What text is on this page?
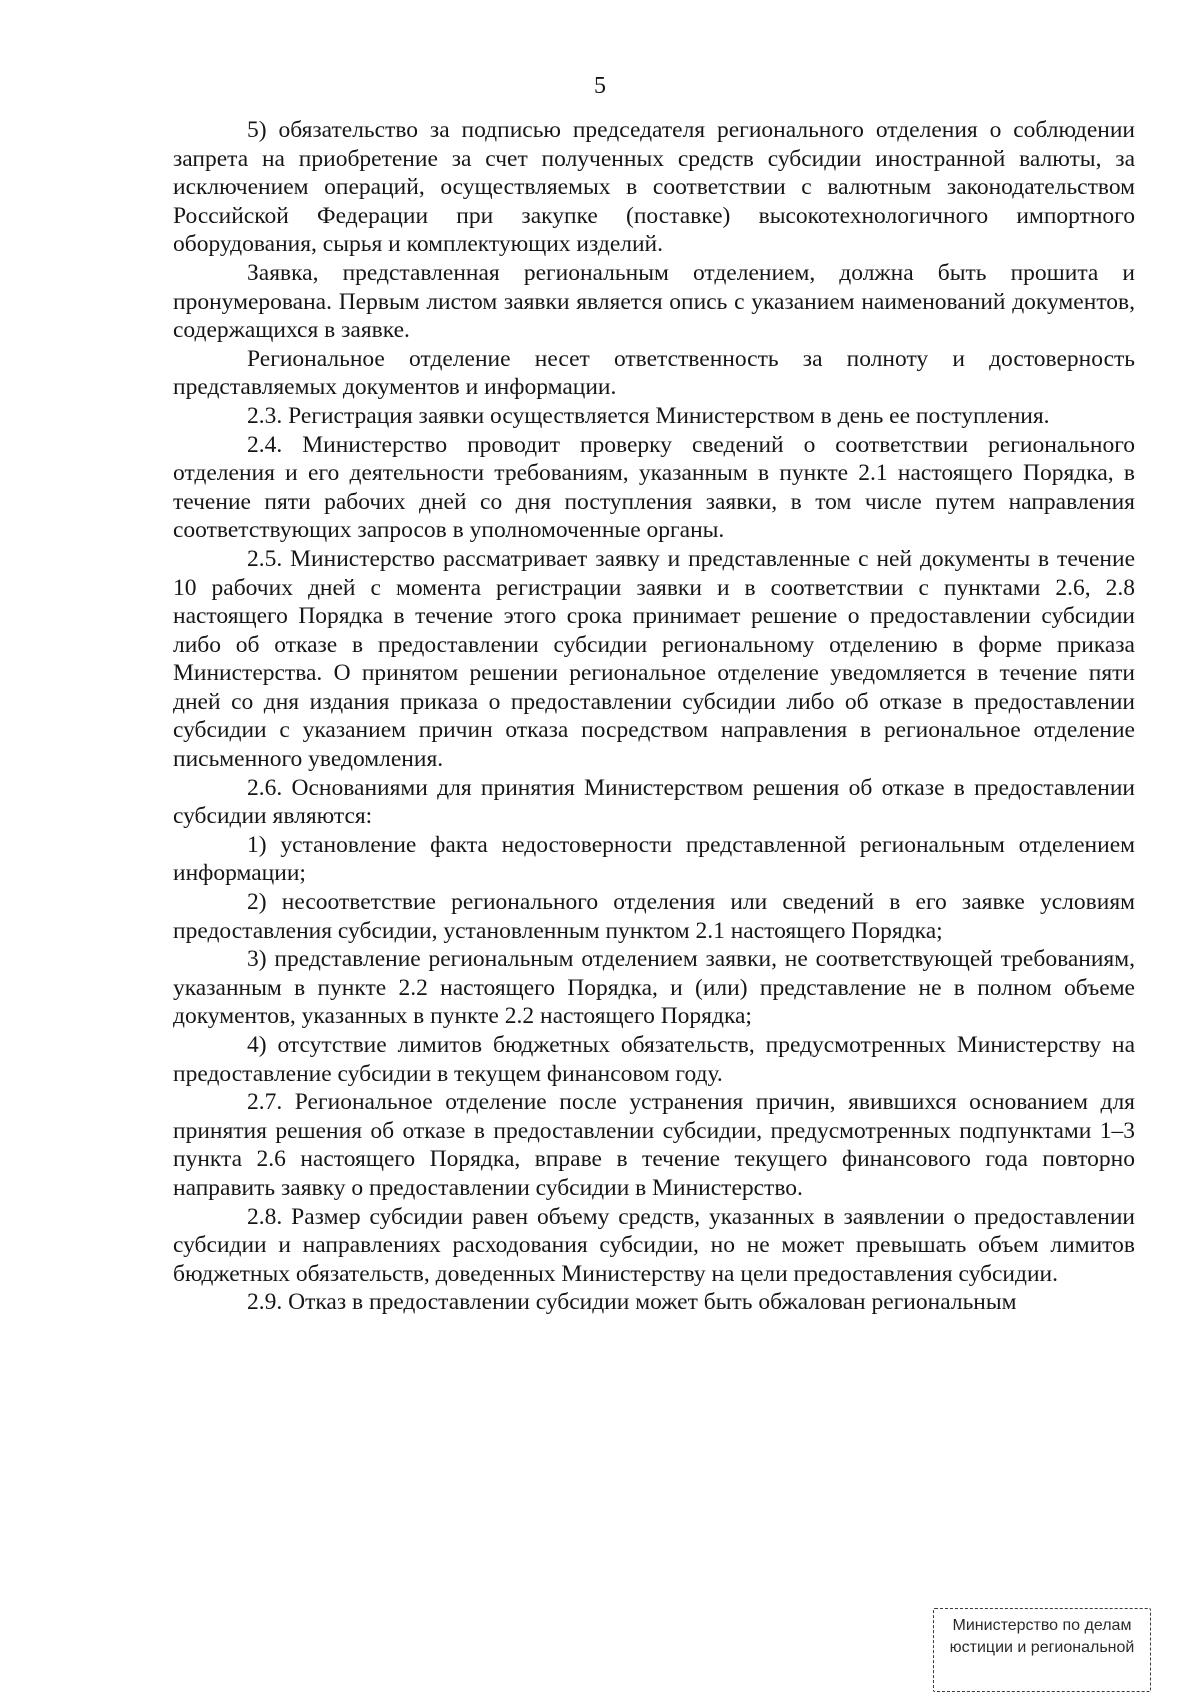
5

5) обязательство за подписью председателя регионального отделения о соблюдении запрета на приобретение за счет полученных средств субсидии иностранной валюты, за исключением операций, осуществляемых в соответствии с валютным законодательством Российской Федерации при закупке (поставке) высокотехнологичного импортного оборудования, сырья и комплектующих изделий.

Заявка, представленная региональным отделением, должна быть прошита и пронумерована. Первым листом заявки является опись с указанием наименований документов, содержащихся в заявке.

Региональное отделение несет ответственность за полноту и достоверность представляемых документов и информации.

2.3. Регистрация заявки осуществляется Министерством в день ее поступления.

2.4. Министерство проводит проверку сведений о соответствии регионального отделения и его деятельности требованиям, указанным в пункте 2.1 настоящего Порядка, в течение пяти рабочих дней со дня поступления заявки, в том числе путем направления соответствующих запросов в уполномоченные органы.

2.5. Министерство рассматривает заявку и представленные с ней документы в течение 10 рабочих дней с момента регистрации заявки и в соответствии с пунктами 2.6, 2.8 настоящего Порядка в течение этого срока принимает решение о предоставлении субсидии либо об отказе в предоставлении субсидии региональному отделению в форме приказа Министерства. О принятом решении региональное отделение уведомляется в течение пяти дней со дня издания приказа о предоставлении субсидии либо об отказе в предоставлении субсидии с указанием причин отказа посредством направления в региональное отделение письменного уведомления.

2.6. Основаниями для принятия Министерством решения об отказе в предоставлении субсидии являются:

1) установление факта недостоверности представленной региональным отделением информации;

2) несоответствие регионального отделения или сведений в его заявке условиям предоставления субсидии, установленным пунктом 2.1 настоящего Порядка;

3) представление региональным отделением заявки, не соответствующей требованиям, указанным в пункте 2.2 настоящего Порядка, и (или) представление не в полном объеме документов, указанных в пункте 2.2 настоящего Порядка;

4) отсутствие лимитов бюджетных обязательств, предусмотренных Министерству на предоставление субсидии в текущем финансовом году.

2.7. Региональное отделение после устранения причин, явившихся основанием для принятия решения об отказе в предоставлении субсидии, предусмотренных подпунктами 1–3 пункта 2.6 настоящего Порядка, вправе в течение текущего финансового года повторно направить заявку о предоставлении субсидии в Министерство.

2.8. Размер субсидии равен объему средств, указанных в заявлении о предоставлении субсидии и направлениях расходования субсидии, но не может превышать объем лимитов бюджетных обязательств, доведенных Министерству на цели предоставления субсидии.

2.9. Отказ в предоставлении субсидии может быть обжалован региональным

Министерство по делам
юстиции и региональной
